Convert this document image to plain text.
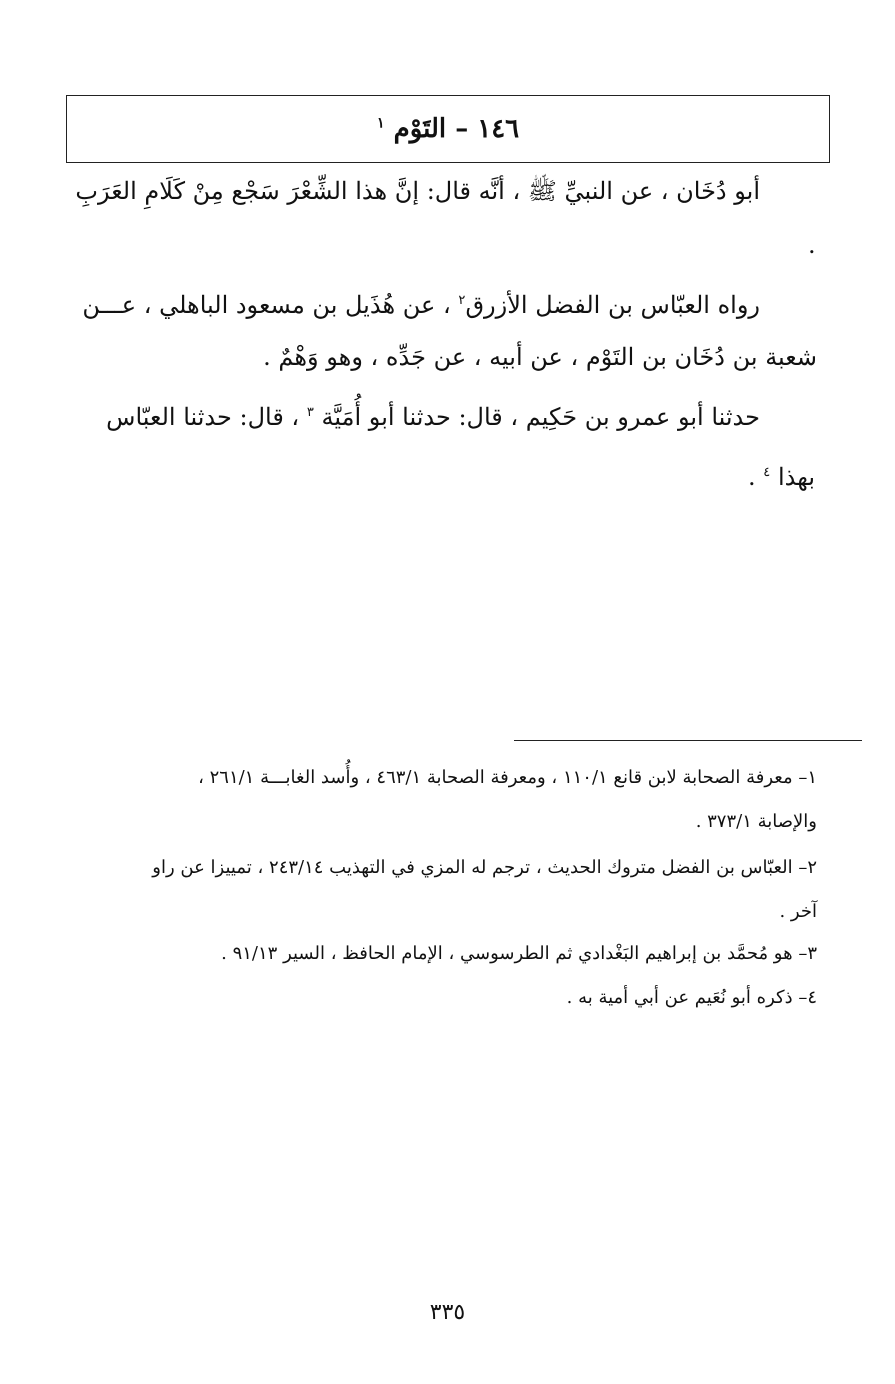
١٤٦ – التَوْم $^١$
أبو دُخَان ، عن النبيِّ ﷺ ، أنَّه قال: إنَّ هذا الشِّعْرَ سَجْع مِنْ كَلَامِ العَرَبِ
.
رواه العبّاس بن الفضل الأزرق$^٢$ ، عن هُذَيل بن مسعود الباهلي ، عـــن
شعبة بن دُخَان بن التَوْم ، عن أبيه ، عن جَدِّه ، وهو وَهْمٌ .
حدثنا أبو عمرو بن حَكِيم ، قال: حدثنا أبو أُمَيَّة $^٣$ ، قال: حدثنا العبّاس
بهذا $^٤$ .
١– معرفة الصحابة لابن قانع ١١٠/١ ، ومعرفة الصحابة ٤٦٣/١ ، وأُسد الغابـــة ٢٦١/١ ،
والإصابة ٣٧٣/١ .
٢– العبّاس بن الفضل متروك الحديث ، ترجم له المزي في التهذيب ٢٤٣/١٤ ، تمييزا عن راو
آخر .
٣– هو مُحمَّد بن إبراهيم البَغْدادي ثم الطرسوسي ، الإمام الحافظ ، السير ٩١/١٣ .
٤– ذكره أبو نُعَيم عن أبي أمية به .
٣٣٥
